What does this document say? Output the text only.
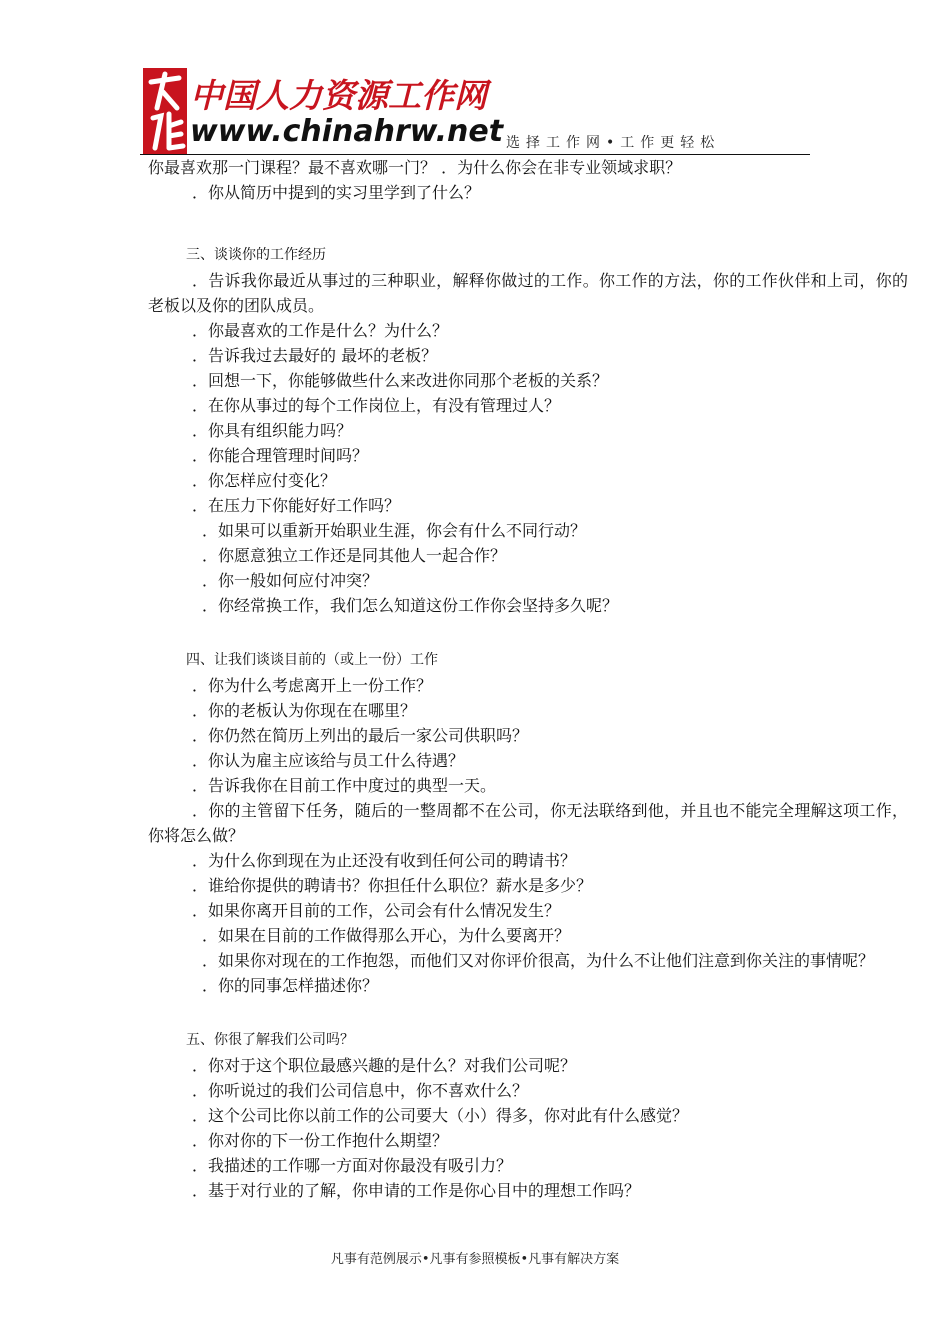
中国人力资源工作网
www.chinahrw.net 选择工作网•工作更轻松
你最喜欢那一门课程？最不喜欢哪一门？ ．为什么你会在非专业领域求职？
．你从简历中提到的实习里学到了什么？
三、谈谈你的工作经历
．告诉我你最近从事过的三种职业，解释你做过的工作。你工作的方法，你的工作伙伴和上司，你的老板以及你的团队成员。
．你最喜欢的工作是什么？为什么？
．告诉我过去最好的 最坏的老板？
．回想一下，你能够做些什么来改进你同那个老板的关系？
．在你从事过的每个工作岗位上，有没有管理过人？
．你具有组织能力吗？
．你能合理管理时间吗？
．你怎样应付变化？
．在压力下你能好好工作吗？
．如果可以重新开始职业生涯，你会有什么不同行动？
．你愿意独立工作还是同其他人一起合作？
．你一般如何应付冲突？
．你经常换工作，我们怎么知道这份工作你会坚持多久呢？
四、让我们谈谈目前的（或上一份）工作
．你为什么考虑离开上一份工作？
．你的老板认为你现在在哪里？
．你仍然在简历上列出的最后一家公司供职吗？
．你认为雇主应该给与员工什么待遇？
．告诉我你在目前工作中度过的典型一天。
．你的主管留下任务，随后的一整周都不在公司，你无法联络到他，并且也不能完全理解这项工作，你将怎么做？
．为什么你到现在为止还没有收到任何公司的聘请书？
．谁给你提供的聘请书？你担任什么职位？薪水是多少？
．如果你离开目前的工作，公司会有什么情况发生？
．如果在目前的工作做得那么开心，为什么要离开？
．如果你对现在的工作抱怨，而他们又对你评价很高，为什么不让他们注意到你关注的事情呢？
．你的同事怎样描述你？
五、你很了解我们公司吗？
．你对于这个职位最感兴趣的是什么？对我们公司呢？
．你听说过的我们公司信息中，你不喜欢什么？
．这个公司比你以前工作的公司要大（小）得多，你对此有什么感觉？
．你对你的下一份工作抱什么期望？
．我描述的工作哪一方面对你最没有吸引力？
．基于对行业的了解，你申请的工作是你心目中的理想工作吗？
凡事有范例展示•凡事有参照模板•凡事有解决方案
